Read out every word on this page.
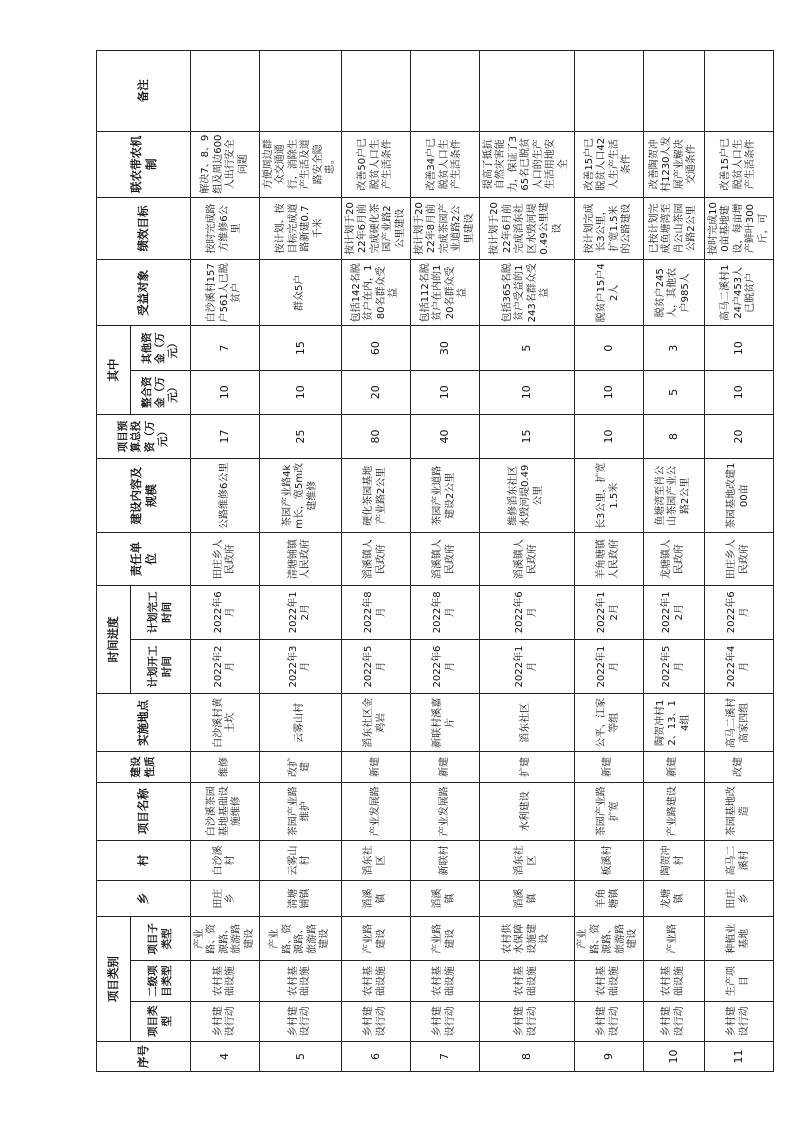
序号	项目类别			乡	村	项目名称	建设性质	实施地点	时间进度		责任单位	建设内容及规模	项目预算总投资（万元）	其中		受益对象	绩效目标	联农带农机制	备注
	项目类型	二级项目类型	项目子类型						计划开工时间	计划完工时间				整合资金（万元）	其他资金（万元）				
4	乡村建设行动	农村基础设施	产业路、资源路、旅游路建设	田庄乡	白沙溪村	白沙溪茶园基地基础设施维修	维修	白沙溪村黄土坎	2022年2月	2022年6月	田庄乡人民政府	公路维修6公里	17	10	7	白沙溪村157户561人已脱贫户	按时完成路方维修6公里	解决7、8、9组及周边600人出行安全问题	
5	乡村建设行动	农村基础设施	产业路、资源路、旅游路建设	清塘铺镇	云雾山村	茶园产业路维护	改扩建	云雾山村	2022年3月	2022年12月	清塘铺镇人民政府	茶园产业路4km长，宽5m改建维修	25	10	15	群众5户	按计划、按目标完成道路新建0.7千米	方便周边群众交通通行，消除生产生活及道路安全隐患。	
6	乡村建设行动	农村基础设施	产业路建设	滔溪镇	滔东社区	产业发展路	新建	滔东社区金鸡岩	2022年5月	2022年8月	滔溪镇人民政府	硬化茶园基地产业路2公里	80	20	60	包括142名脱贫户在内，180名群众受益	按计划于2022年6月前完成硬化茶园产业路2公里建设	改善50户已脱贫人口生产生活条件	
7	乡村建设行动	农村基础设施	产业路建设	滔溪镇	新联村	产业发展路	新建	新联村溪嘉片	2022年6月	2022年8月	滔溪镇人民政府	茶园产业道路建设2公里	40	10	30	包括112名脱贫户在内的120名群众受益	按计划于2022年8月前完成茶园产业道路2公里建设	改善34户已脱贫人口生产生活条件	
8	乡村建设行动	农村基础设施	农村供水保障设施建设	滔溪镇	滔东社区	水利建设	扩建	滔东社区	2022年1月	2022年6月	滔溪镇人民政府	维修滔东社区水毁河堤0.49公里	15	10	5	包括365名脱贫户受益的1243名群众受益	按计划于2022年6月前完成滔东社区水毁河堤0.49公里建设	提高了抵抗自然灾害能力，保证了365名已脱贫人口的生产生活用地安全	
9	乡村建设行动	农村基础设施	产业路、资源路、旅游路建设	羊角塘镇	板溪村	茶园产业路扩宽	新建	公平、江家等组	2022年1月	2022年12月	羊角塘镇人民政府	长3公里，扩宽1.5米	10	10	0	脱贫户15户42人	按计划完成长3公里，扩宽1.5米的公路建设	改善15户已脱贫人口42人生产生活条件	
10	乡村建设行动	农村基础设施	产业路	龙塘镇	陶贺冲村	产业路建设	新建	陶贺冲村12、13、14组	2022年5月	2022年12月	龙塘镇人民政府	鱼塘湾至肖公山茶园产业公路2公里	8	5	3	脱贫户245人，其他农户985人	已按计划完成鱼塘湾至肖公山茶园公路2公里	改善陶贺冲村1230人发展产业解决交通条件	
11	乡村建设行动	生产项目	种植业基地	田庄乡	高马二溪村	茶园基地改造	改建	高马二溪村高家四组	2022年4月	2022年6月	田庄乡人民政府	茶园基地改建100亩	20	10	10	高马二溪村124户453人已脱贫户	按时完成100亩基地建设，每亩增产鲜叶300斤，可	改善15户已脱贫人口生产生活条件	
